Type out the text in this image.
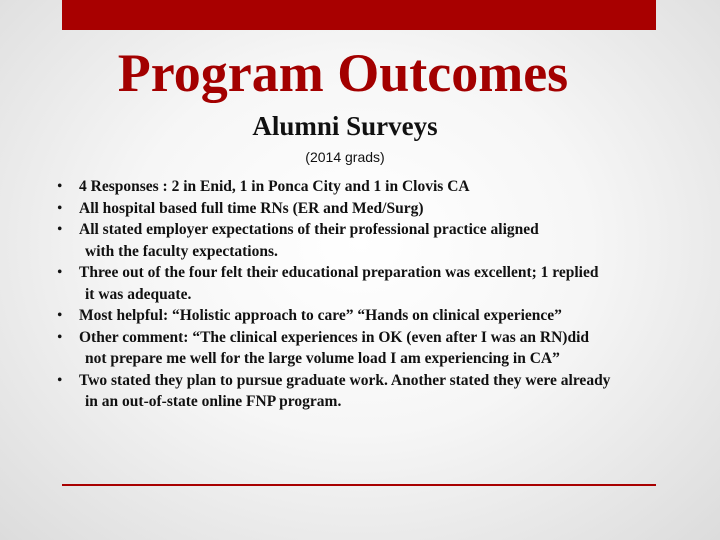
Program Outcomes
Alumni Surveys
(2014 grads)
• 4 Responses : 2 in Enid, 1 in Ponca City and 1 in Clovis CA
• All hospital based full time RNs (ER and Med/Surg)
• All stated employer expectations of their professional practice aligned
with the faculty expectations.
• Three out of the four felt their educational preparation was excellent; 1 replied
it was adequate.
• Most helpful: “Holistic approach to care” “Hands on clinical experience”
• Other comment: “The clinical experiences in OK (even after I was an RN)did
not prepare me well for the large volume load I am experiencing in CA”
• Two stated they plan to pursue graduate work. Another stated they were already
in an out-of-state online FNP program.
